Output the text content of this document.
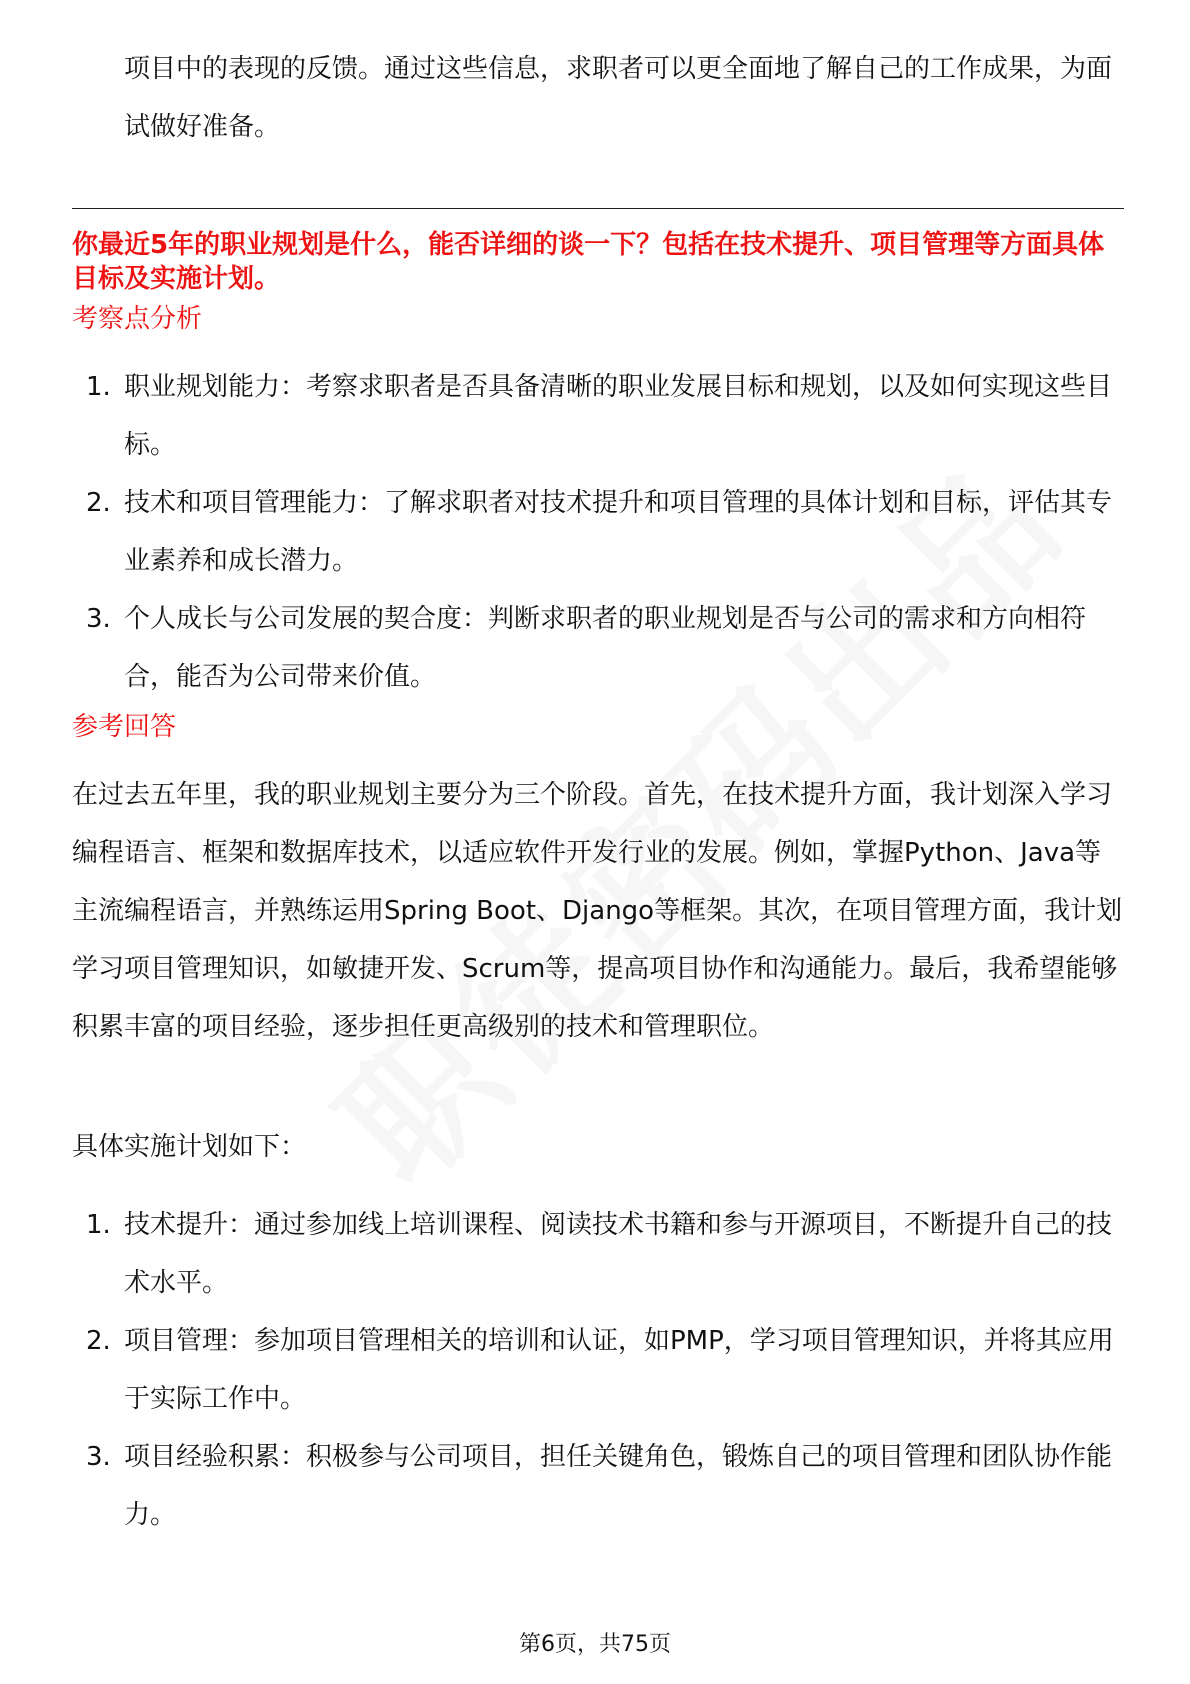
项目中的表现的反馈。通过这些信息，求职者可以更全面地了解自己的工作成果，为面试做好准备。

你最近5年的职业规划是什么，能否详细的谈一下？包括在技术提升、项目管理等方面具体目标及实施计划。

考察点分析

1. 职业规划能力：考察求职者是否具备清晰的职业发展目标和规划，以及如何实现这些目标。
2. 技术和项目管理能力：了解求职者对技术提升和项目管理的具体计划和目标，评估其专业素养和成长潜力。
3. 个人成长与公司发展的契合度：判断求职者的职业规划是否与公司的需求和方向相符合，能否为公司带来价值。

参考回答

在过去五年里，我的职业规划主要分为三个阶段。首先，在技术提升方面，我计划深入学习编程语言、框架和数据库技术，以适应软件开发行业的发展。例如，掌握Python、Java等主流编程语言，并熟练运用Spring Boot、Django等框架。其次，在项目管理方面，我计划学习项目管理知识，如敏捷开发、Scrum等，提高项目协作和沟通能力。最后，我希望能够积累丰富的项目经验，逐步担任更高级别的技术和管理职位。

具体实施计划如下：

1. 技术提升：通过参加线上培训课程、阅读技术书籍和参与开源项目，不断提升自己的技术水平。
2. 项目管理：参加项目管理相关的培训和认证，如PMP，学习项目管理知识，并将其应用于实际工作中。
3. 项目经验积累：积极参与公司项目，担任关键角色，锻炼自己的项目管理和团队协作能力。
第6页，共75页
